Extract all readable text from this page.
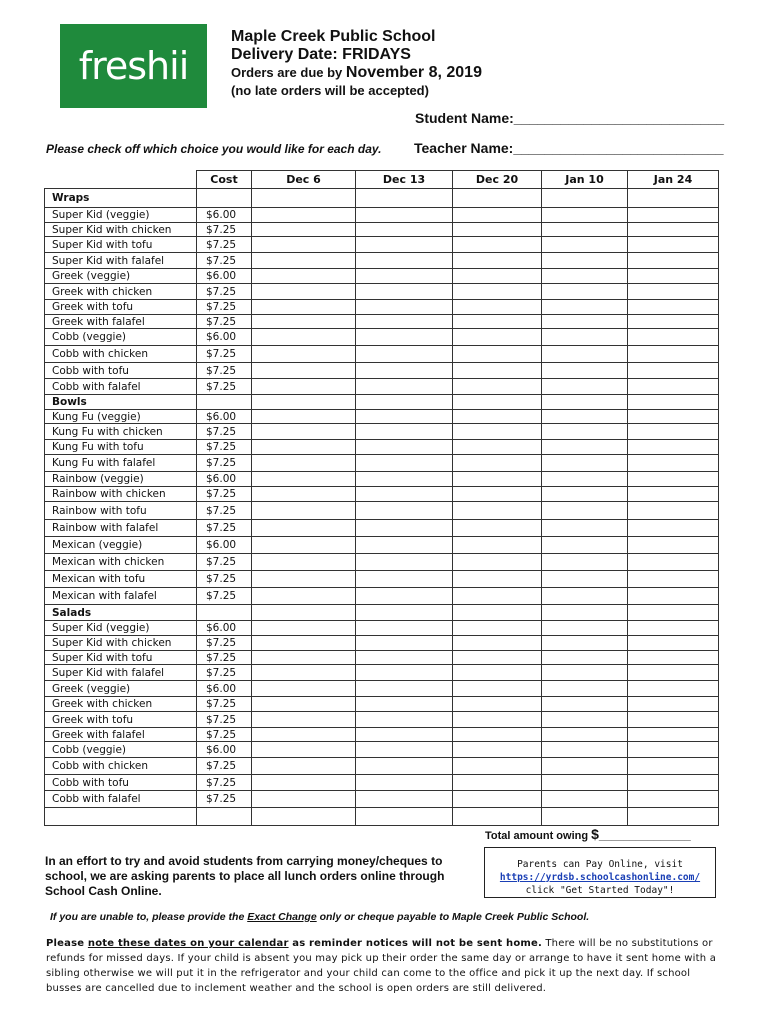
freshii
Maple Creek Public School
Delivery Date: FRIDAYS
Orders are due by November 8, 2019
(no late orders will be accepted)
Student Name:___________________________
Please check off which choice you would like for each day. Teacher Name:___________________________
	Cost	Dec 6	Dec 13	Dec 20	Jan 10	Jan 24
Wraps						
Super Kid (veggie)	$6.00					
Super Kid with chicken	$7.25					
Super Kid with tofu	$7.25					
Super Kid with falafel	$7.25					
Greek (veggie)	$6.00					
Greek with chicken	$7.25					
Greek with tofu	$7.25					
Greek with falafel	$7.25					
Cobb (veggie)	$6.00					
Cobb with chicken	$7.25					
Cobb with tofu	$7.25					
Cobb with falafel	$7.25					
Bowls						
Kung Fu (veggie)	$6.00					
Kung Fu with chicken	$7.25					
Kung Fu with tofu	$7.25					
Kung Fu with falafel	$7.25					
Rainbow (veggie)	$6.00					
Rainbow with chicken	$7.25					
Rainbow with tofu	$7.25					
Rainbow with falafel	$7.25					
Mexican (veggie)	$6.00					
Mexican with chicken	$7.25					
Mexican with tofu	$7.25					
Mexican with falafel	$7.25					
Salads						
Super Kid (veggie)	$6.00					
Super Kid with chicken	$7.25					
Super Kid with tofu	$7.25					
Super Kid with falafel	$7.25					
Greek (veggie)	$6.00					
Greek with chicken	$7.25					
Greek with tofu	$7.25					
Greek with falafel	$7.25					
Cobb (veggie)	$6.00					
Cobb with chicken	$7.25					
Cobb with tofu	$7.25					
Cobb with falafel	$7.25					

Total amount owing $_______________
In an effort to try and avoid students from carrying money/cheques to school, we are asking parents to place all lunch orders online through School Cash Online.
Parents can Pay Online, visit
https://yrdsb.schoolcashonline.com/
click "Get Started Today"!
If you are unable to, please provide the Exact Change only or cheque payable to Maple Creek Public School.
Please note these dates on your calendar as reminder notices will not be sent home. There will be no substitutions or refunds for missed days. If your child is absent you may pick up their order the same day or arrange to have it sent home with a sibling otherwise we will put it in the refrigerator and your child can come to the office and pick it up the next day. If school busses are cancelled due to inclement weather and the school is open orders are still delivered.
